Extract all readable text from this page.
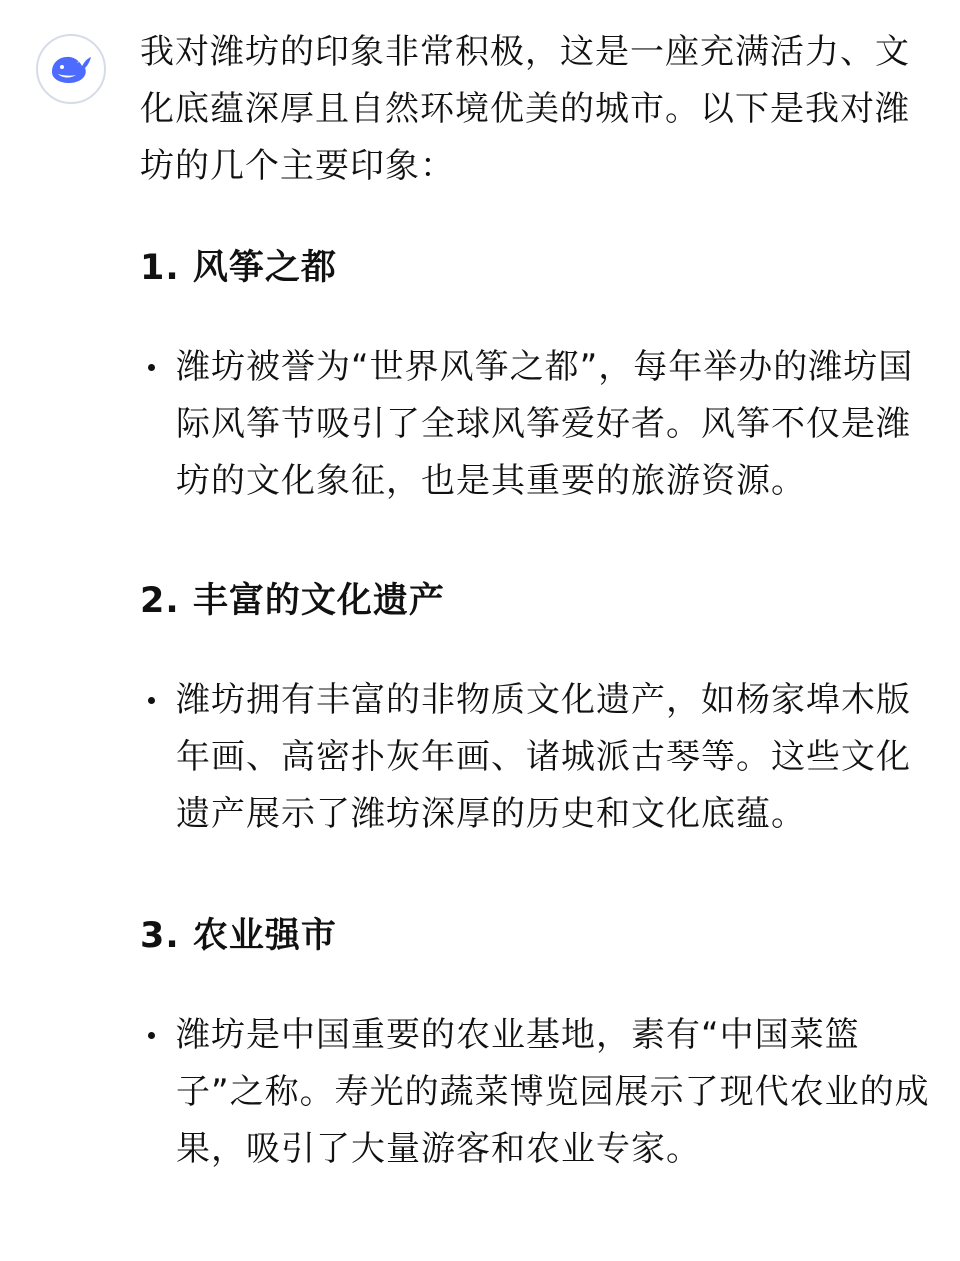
我对潍坊的印象非常积极，这是一座充满活力、文化底蕴深厚且自然环境优美的城市。以下是我对潍坊的几个主要印象：

1. 风筝之都

潍坊被誉为“世界风筝之都”，每年举办的潍坊国际风筝节吸引了全球风筝爱好者。风筝不仅是潍坊的文化象征，也是其重要的旅游资源。

2. 丰富的文化遗产

潍坊拥有丰富的非物质文化遗产，如杨家埠木版年画、高密扑灰年画、诸城派古琴等。这些文化遗产展示了潍坊深厚的历史和文化底蕴。

3. 农业强市

潍坊是中国重要的农业基地，素有“中国菜篮子”之称。寿光的蔬菜博览园展示了现代农业的成果，吸引了大量游客和农业专家。
